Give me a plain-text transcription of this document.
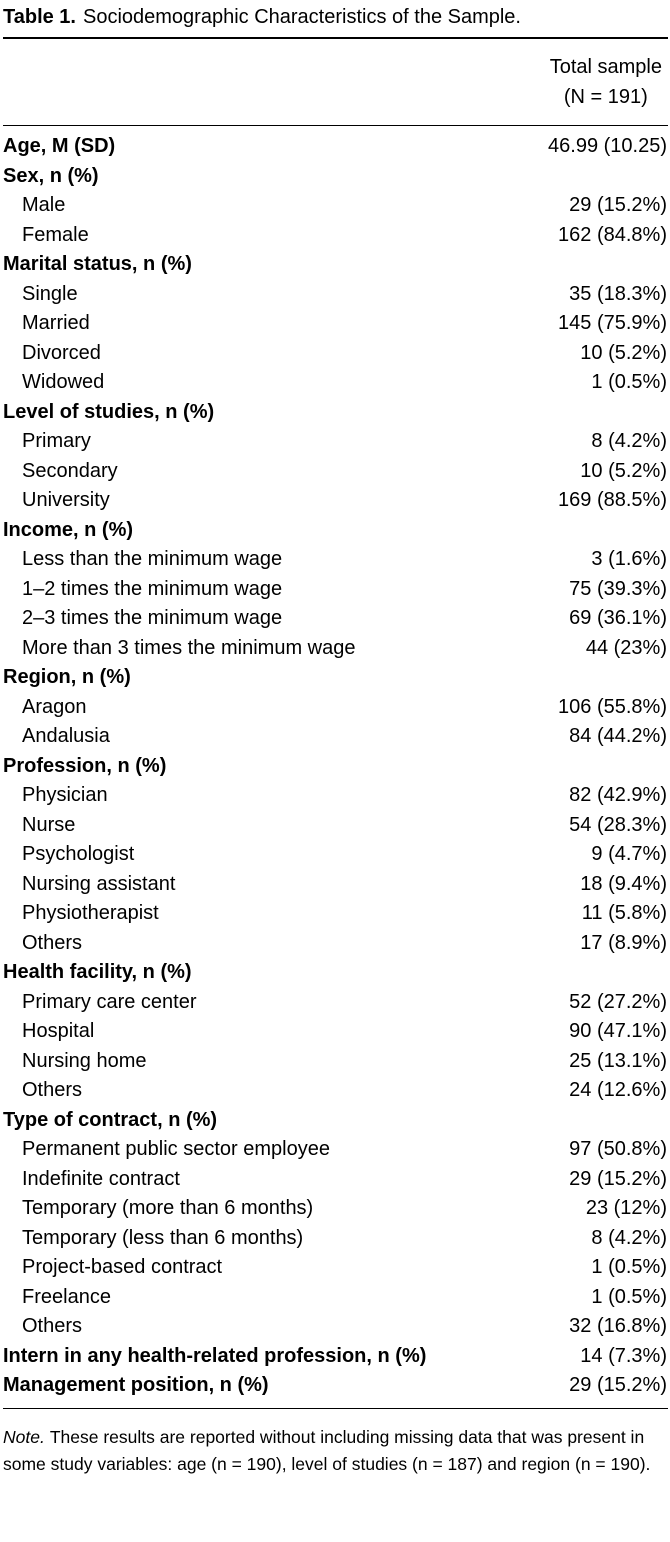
Table 1. Sociodemographic Characteristics of the Sample.
Total sample
(N = 191)
Age, M (SD)	46.99 (10.25)
Sex, n (%)
Male	29 (15.2%)
Female	162 (84.8%)
Marital status, n (%)
Single	35 (18.3%)
Married	145 (75.9%)
Divorced	10 (5.2%)
Widowed	1 (0.5%)
Level of studies, n (%)
Primary	8 (4.2%)
Secondary	10 (5.2%)
University	169 (88.5%)
Income, n (%)
Less than the minimum wage	3 (1.6%)
1–2 times the minimum wage	75 (39.3%)
2–3 times the minimum wage	69 (36.1%)
More than 3 times the minimum wage	44 (23%)
Region, n (%)
Aragon	106 (55.8%)
Andalusia	84 (44.2%)
Profession, n (%)
Physician	82 (42.9%)
Nurse	54 (28.3%)
Psychologist	9 (4.7%)
Nursing assistant	18 (9.4%)
Physiotherapist	11 (5.8%)
Others	17 (8.9%)
Health facility, n (%)
Primary care center	52 (27.2%)
Hospital	90 (47.1%)
Nursing home	25 (13.1%)
Others	24 (12.6%)
Type of contract, n (%)
Permanent public sector employee	97 (50.8%)
Indefinite contract	29 (15.2%)
Temporary (more than 6 months)	23 (12%)
Temporary (less than 6 months)	8 (4.2%)
Project-based contract	1 (0.5%)
Freelance	1 (0.5%)
Others	32 (16.8%)
Intern in any health-related profession, n (%)	14 (7.3%)
Management position, n (%)	29 (15.2%)
Note. These results are reported without including missing data that was present in some study variables: age (n = 190), level of studies (n = 187) and region (n = 190).
